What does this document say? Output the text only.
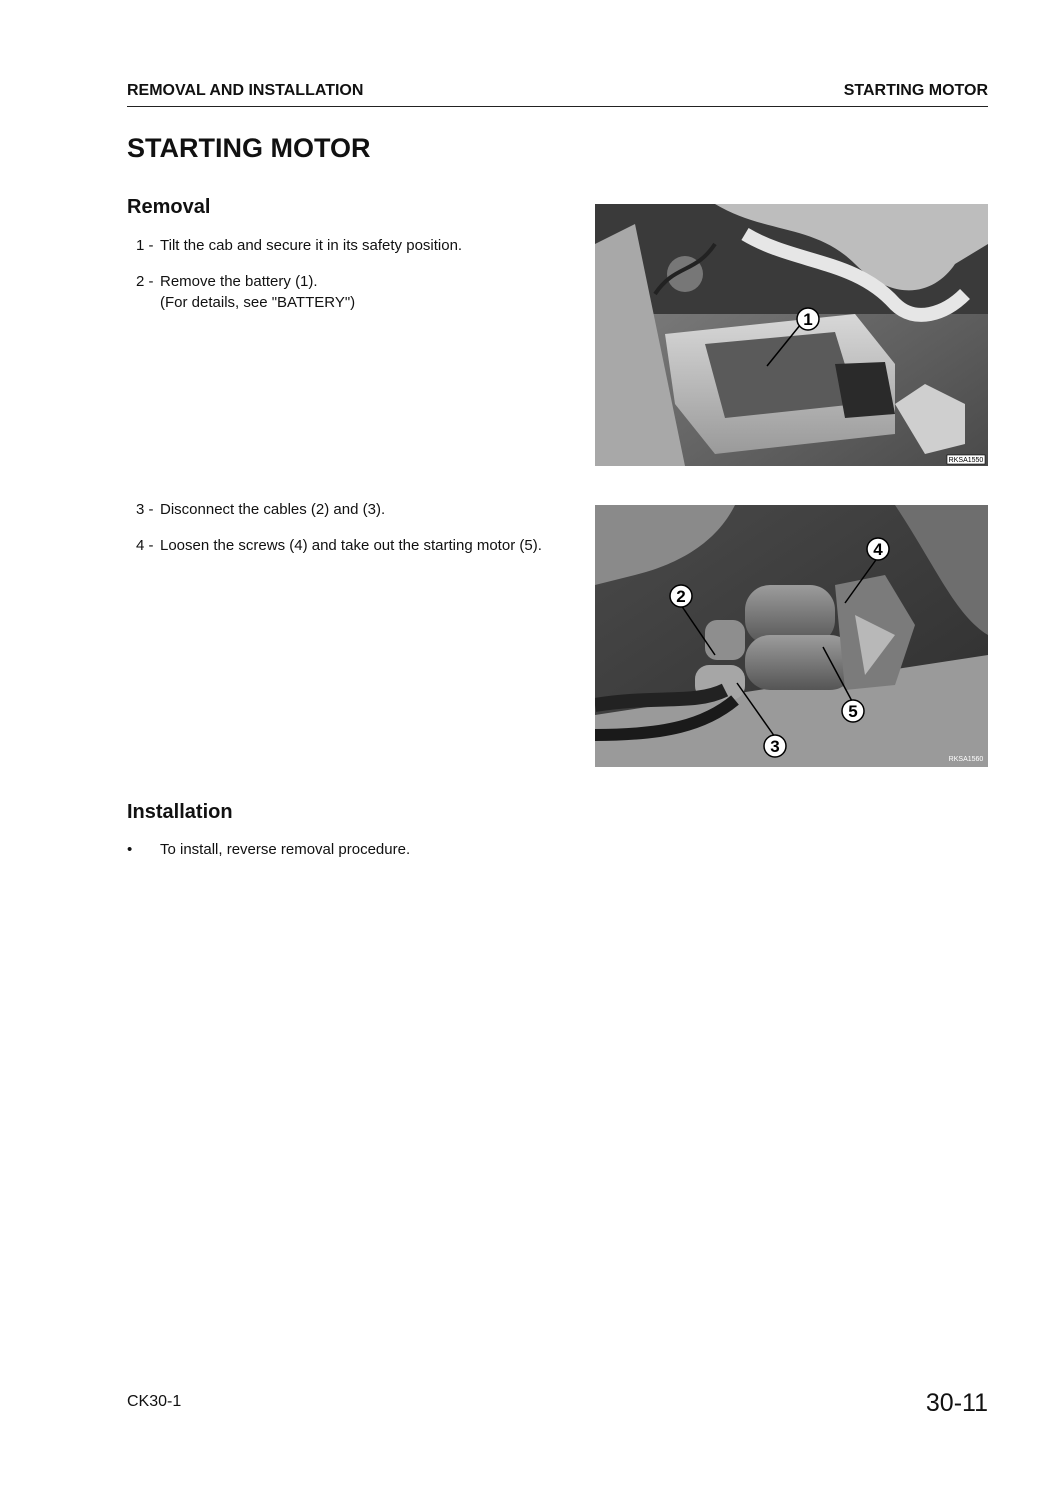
REMOVAL AND INSTALLATION	STARTING MOTOR
STARTING MOTOR
Removal
1 - Tilt the cab and secure it in its safety position.
2 - Remove the battery (1).
(For details, see "BATTERY")
3 - Disconnect the cables (2) and (3).
4 - Loosen the screws (4) and take out the starting motor (5).
1
RKSA1550
2
3
4
5
RKSA1560
Installation
• To install, reverse removal procedure.
CK30-1	30-11
